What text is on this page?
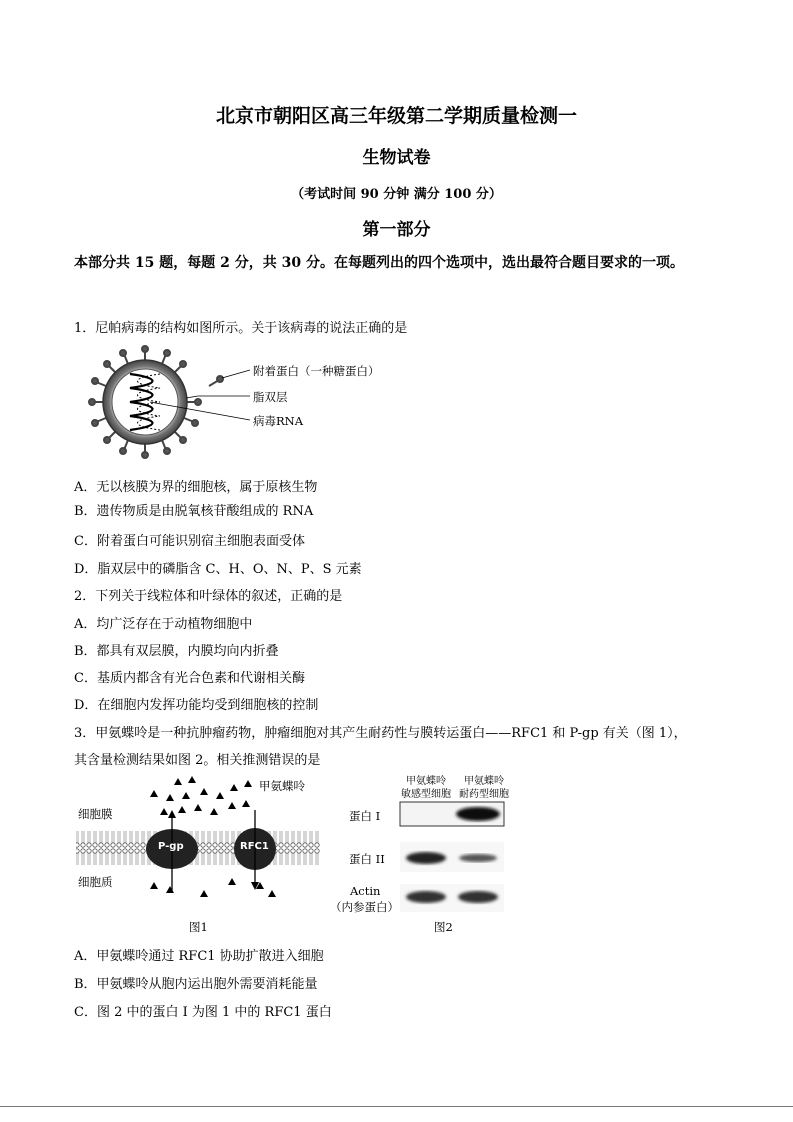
北京市朝阳区高三年级第二学期质量检测一
生物试卷
（考试时间 90 分钟 满分 100 分）
第一部分
本部分共 15 题，每题 2 分，共 30 分。在每题列出的四个选项中，选出最符合题目要求的一项。
1．尼帕病毒的结构如图所示。关于该病毒的说法正确的是
附着蛋白（一种糖蛋白）
脂双层
病毒RNA
A．无以核膜为界的细胞核，属于原核生物
B．遗传物质是由脱氧核苷酸组成的 RNA
C．附着蛋白可能识别宿主细胞表面受体
D．脂双层中的磷脂含 C、H、O、N、P、S 元素
2．下列关于线粒体和叶绿体的叙述，正确的是
A．均广泛存在于动植物细胞中
B．都具有双层膜，内膜均向内折叠
C．基质内都含有光合色素和代谢相关酶
D．在细胞内发挥功能均受到细胞核的控制
3．甲氨蝶呤是一种抗肿瘤药物，肿瘤细胞对其产生耐药性与膜转运蛋白——RFC1 和 P-gp 有关（图 1），
其含量检测结果如图 2。相关推测错误的是
P-gp	RFC1
甲氨蝶呤
细胞膜
细胞质
图1
甲氨蝶呤
敏感型细胞
甲氨蝶呤
耐药型细胞
蛋白 I
蛋白 II
Actin
（内参蛋白）
图2
A．甲氨蝶呤通过 RFC1 协助扩散进入细胞
B．甲氨蝶呤从胞内运出胞外需要消耗能量
C．图 2 中的蛋白 I 为图 1 中的 RFC1 蛋白
